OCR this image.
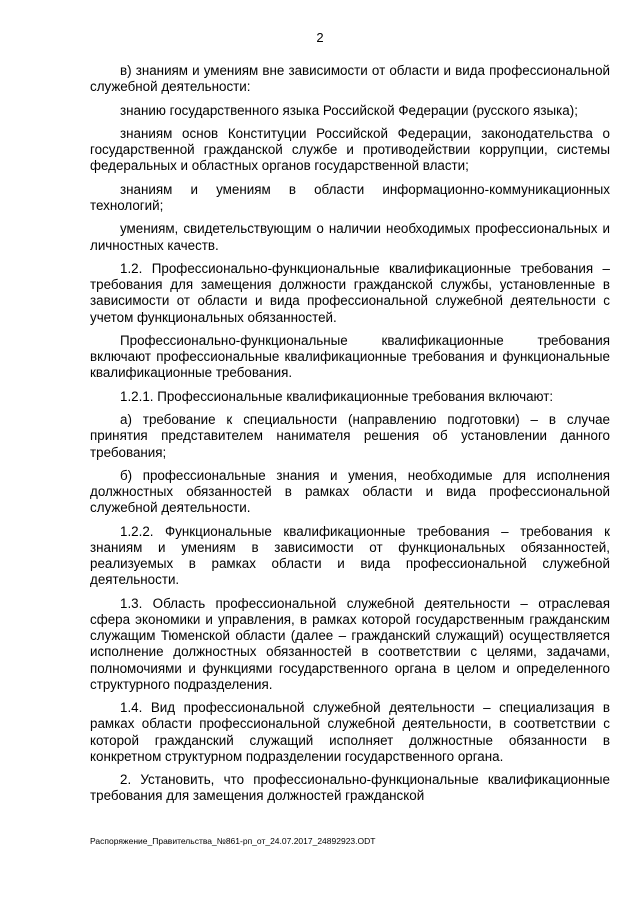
2

в) знаниям и умениям вне зависимости от области и вида профессиональной служебной деятельности:

знанию государственного языка Российской Федерации (русского языка);

знаниям основ Конституции Российской Федерации, законодательства о государственной гражданской службе и противодействии коррупции, системы федеральных и областных органов государственной власти;

знаниям и умениям в области информационно-коммуникационных технологий;

умениям, свидетельствующим о наличии необходимых профессиональных и личностных качеств.

1.2. Профессионально-функциональные квалификационные требования – требования для замещения должности гражданской службы, установленные в зависимости от области и вида профессиональной служебной деятельности с учетом функциональных обязанностей.

Профессионально-функциональные квалификационные требования включают профессиональные квалификационные требования и функциональные квалификационные требования.

1.2.1. Профессиональные квалификационные требования включают:

а) требование к специальности (направлению подготовки) – в случае принятия представителем нанимателя решения об установлении данного требования;

б) профессиональные знания и умения, необходимые для исполнения должностных обязанностей в рамках области и вида профессиональной служебной деятельности.

1.2.2. Функциональные квалификационные требования – требования к знаниям и умениям в зависимости от функциональных обязанностей, реализуемых в рамках области и вида профессиональной служебной деятельности.

1.3. Область профессиональной служебной деятельности – отраслевая сфера экономики и управления, в рамках которой государственным гражданским служащим Тюменской области (далее – гражданский служащий) осуществляется исполнение должностных обязанностей в соответствии с целями, задачами, полномочиями и функциями государственного органа в целом и определенного структурного подразделения.

1.4. Вид профессиональной служебной деятельности – специализация в рамках области профессиональной служебной деятельности, в соответствии с которой гражданский служащий исполняет должностные обязанности в конкретном структурном подразделении государственного органа.

2. Установить, что профессионально-функциональные квалификационные требования для замещения должностей гражданской

Распоряжение_Правительства_№861-рп_от_24.07.2017_24892923.ODT
